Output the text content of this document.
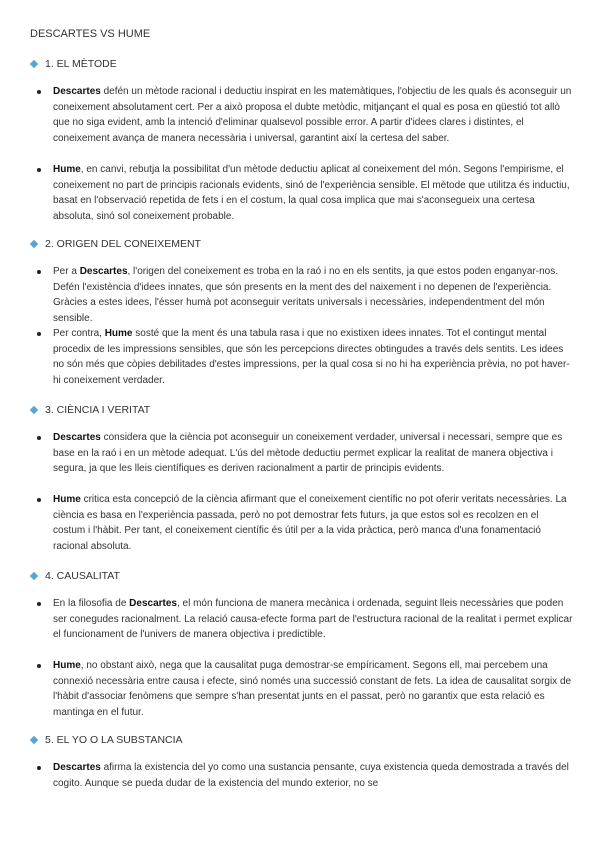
DESCARTES VS HUME
1. EL MÈTODE
Descartes defén un mètode racional i deductiu inspirat en les matemàtiques, l'objectiu de les quals és aconseguir un coneixement absolutament cert. Per a això proposa el dubte metòdic, mitjançant el qual es posa en qüestió tot allò que no siga evident, amb la intenció d'eliminar qualsevol possible error. A partir d'idees clares i distintes, el coneixement avança de manera necessària i universal, garantint així la certesa del saber.
Hume, en canvi, rebutja la possibilitat d'un mètode deductiu aplicat al coneixement del món. Segons l'empirisme, el coneixement no part de principis racionals evidents, sinó de l'experiència sensible. El mètode que utilitza és inductiu, basat en l'observació repetida de fets i en el costum, la qual cosa implica que mai s'aconsegueix una certesa absoluta, sinó sol coneixement probable.
2. ORIGEN DEL CONEIXEMENT
Per a Descartes, l'origen del coneixement es troba en la raó i no en els sentits, ja que estos poden enganyar-nos. Defén l'existència d'idees innates, que són presents en la ment des del naixement i no depenen de l'experiència. Gràcies a estes idees, l'ésser humà pot aconseguir veritats universals i necessàries, independentment del món sensible.
Per contra, Hume sosté que la ment és una tabula rasa i que no existixen idees innates. Tot el contingut mental procedix de les impressions sensibles, que són les percepcions directes obtingudes a través dels sentits. Les idees no són més que còpies debilitades d'estes impressions, per la qual cosa si no hi ha experiència prèvia, no pot haver-hi coneixement verdader.
3. CIÈNCIA I VERITAT
Descartes considera que la ciència pot aconseguir un coneixement verdader, universal i necessari, sempre que es base en la raó i en un mètode adequat. L'ús del mètode deductiu permet explicar la realitat de manera objectiva i segura, ja que les lleis científiques es deriven racionalment a partir de principis evidents.
Hume critica esta concepció de la ciència afirmant que el coneixement científic no pot oferir veritats necessàries. La ciència es basa en l'experiència passada, però no pot demostrar fets futurs, ja que estos sol es recolzen en el costum i l'hàbit. Per tant, el coneixement científic és útil per a la vida pràctica, però manca d'una fonamentació racional absoluta.
4. CAUSALITAT
En la filosofia de Descartes, el món funciona de manera mecànica i ordenada, seguint lleis necessàries que poden ser conegudes racionalment. La relació causa-efecte forma part de l'estructura racional de la realitat i permet explicar el funcionament de l'univers de manera objectiva i predictible.
Hume, no obstant això, nega que la causalitat puga demostrar-se empíricament. Segons ell, mai percebem una connexió necessària entre causa i efecte, sinó només una successió constant de fets. La idea de causalitat sorgix de l'hàbit d'associar fenòmens que sempre s'han presentat junts en el passat, però no garantix que esta relació es mantinga en el futur.
5. EL YO O LA SUBSTANCIA
Descartes afirma la existencia del yo como una sustancia pensante, cuya existencia queda demostrada a través del cogito. Aunque se pueda dudar de la existencia del mundo exterior, no se
